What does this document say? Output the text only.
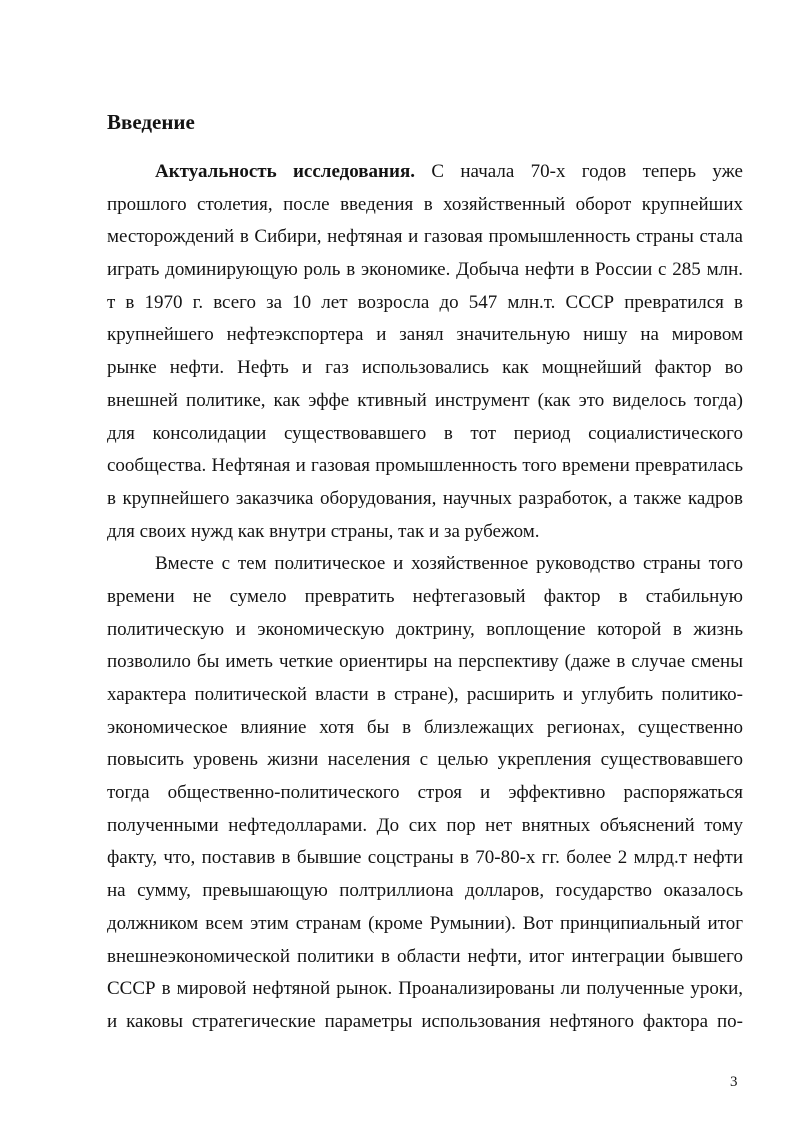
Введение
Актуальность исследования. С начала 70-х годов теперь уже
прошлого столетия, после введения в хозяйственный оборот крупнейших
месторождений в Сибири, нефтяная и газовая промышленность страны стала
играть доминирующую роль в экономике. Добыча нефти в России с 285 млн.
т в 1970 г. всего за 10 лет возросла до 547 млн.т. СССР превратился в
крупнейшего нефтеэкспортера и занял значительную нишу на мировом
рынке нефти. Нефть и газ использовались как мощнейший фактор во
внешней политике, как эффе ктивный инструмент (как это виделось тогда)
для консолидации существовавшего в тот период социалистического
сообщества. Нефтяная и газовая промышленность того времени превратилась
в крупнейшего заказчика оборудования, научных разработок, а также кадров
для своих нужд как внутри страны, так и за рубежом.
Вместе с тем политическое и хозяйственное руководство страны того
времени не сумело превратить нефтегазовый фактор в стабильную
политическую и экономическую доктрину, воплощение которой в жизнь
позволило бы иметь четкие ориентиры на перспективу (даже в случае смены
характера политической власти в стране), расширить и углубить политико-
экономическое влияние хотя бы в близлежащих регионах, существенно
повысить уровень жизни населения с целью укрепления существовавшего
тогда общественно-политического строя и эффективно распоряжаться
полученными нефтедолларами. До сих пор нет внятных объяснений тому
факту, что, поставив в бывшие соцстраны в 70-80-х гг. более 2 млрд.т нефти
на сумму, превышающую полтриллиона долларов, государство оказалось
должником всем этим странам (кроме Румынии). Вот принципиальный итог
внешнеэкономической политики в области нефти, итог интеграции бывшего
СССР в мировой нефтяной рынок. Проанализированы ли полученные уроки,
и каковы стратегические параметры использования нефтяного фактора по-
3
